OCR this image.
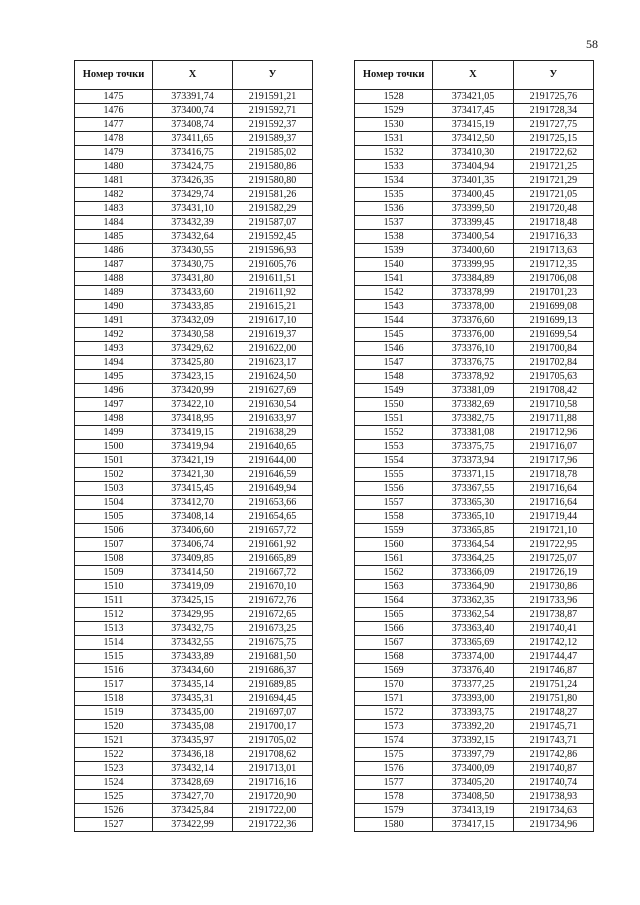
58
Номер точки	X	У
1475	373391,74	2191591,21
1476	373400,74	2191592,71
1477	373408,74	2191592,37
1478	373411,65	2191589,37
1479	373416,75	2191585,02
1480	373424,75	2191580,86
1481	373426,35	2191580,80
1482	373429,74	2191581,26
1483	373431,10	2191582,29
1484	373432,39	2191587,07
1485	373432,64	2191592,45
1486	373430,55	2191596,93
1487	373430,75	2191605,76
1488	373431,80	2191611,51
1489	373433,60	2191611,92
1490	373433,85	2191615,21
1491	373432,09	2191617,10
1492	373430,58	2191619,37
1493	373429,62	2191622,00
1494	373425,80	2191623,17
1495	373423,15	2191624,50
1496	373420,99	2191627,69
1497	373422,10	2191630,54
1498	373418,95	2191633,97
1499	373419,15	2191638,29
1500	373419,94	2191640,65
1501	373421,19	2191644,00
1502	373421,30	2191646,59
1503	373415,45	2191649,94
1504	373412,70	2191653,66
1505	373408,14	2191654,65
1506	373406,60	2191657,72
1507	373406,74	2191661,92
1508	373409,85	2191665,89
1509	373414,50	2191667,72
1510	373419,09	2191670,10
1511	373425,15	2191672,76
1512	373429,95	2191672,65
1513	373432,75	2191673,25
1514	373432,55	2191675,75
1515	373433,89	2191681,50
1516	373434,60	2191686,37
1517	373435,14	2191689,85
1518	373435,31	2191694,45
1519	373435,00	2191697,07
1520	373435,08	2191700,17
1521	373435,97	2191705,02
1522	373436,18	2191708,62
1523	373432,14	2191713,01
1524	373428,69	2191716,16
1525	373427,70	2191720,90
1526	373425,84	2191722,00
1527	373422,99	2191722,36
Номер точки	X	У
1528	373421,05	2191725,76
1529	373417,45	2191728,34
1530	373415,19	2191727,75
1531	373412,50	2191725,15
1532	373410,30	2191722,62
1533	373404,94	2191721,25
1534	373401,35	2191721,29
1535	373400,45	2191721,05
1536	373399,50	2191720,48
1537	373399,45	2191718,48
1538	373400,54	2191716,33
1539	373400,60	2191713,63
1540	373399,95	2191712,35
1541	373384,89	2191706,08
1542	373378,99	2191701,23
1543	373378,00	2191699,08
1544	373376,60	2191699,13
1545	373376,00	2191699,54
1546	373376,10	2191700,84
1547	373376,75	2191702,84
1548	373378,92	2191705,63
1549	373381,09	2191708,42
1550	373382,69	2191710,58
1551	373382,75	2191711,88
1552	373381,08	2191712,96
1553	373375,75	2191716,07
1554	373373,94	2191717,96
1555	373371,15	2191718,78
1556	373367,55	2191716,64
1557	373365,30	2191716,64
1558	373365,10	2191719,44
1559	373365,85	2191721,10
1560	373364,54	2191722,95
1561	373364,25	2191725,07
1562	373366,09	2191726,19
1563	373364,90	2191730,86
1564	373362,35	2191733,96
1565	373362,54	2191738,87
1566	373363,40	2191740,41
1567	373365,69	2191742,12
1568	373374,00	2191744,47
1569	373376,40	2191746,87
1570	373377,25	2191751,24
1571	373393,00	2191751,80
1572	373393,75	2191748,27
1573	373392,20	2191745,71
1574	373392,15	2191743,71
1575	373397,79	2191742,86
1576	373400,09	2191740,87
1577	373405,20	2191740,74
1578	373408,50	2191738,93
1579	373413,19	2191734,63
1580	373417,15	2191734,96
